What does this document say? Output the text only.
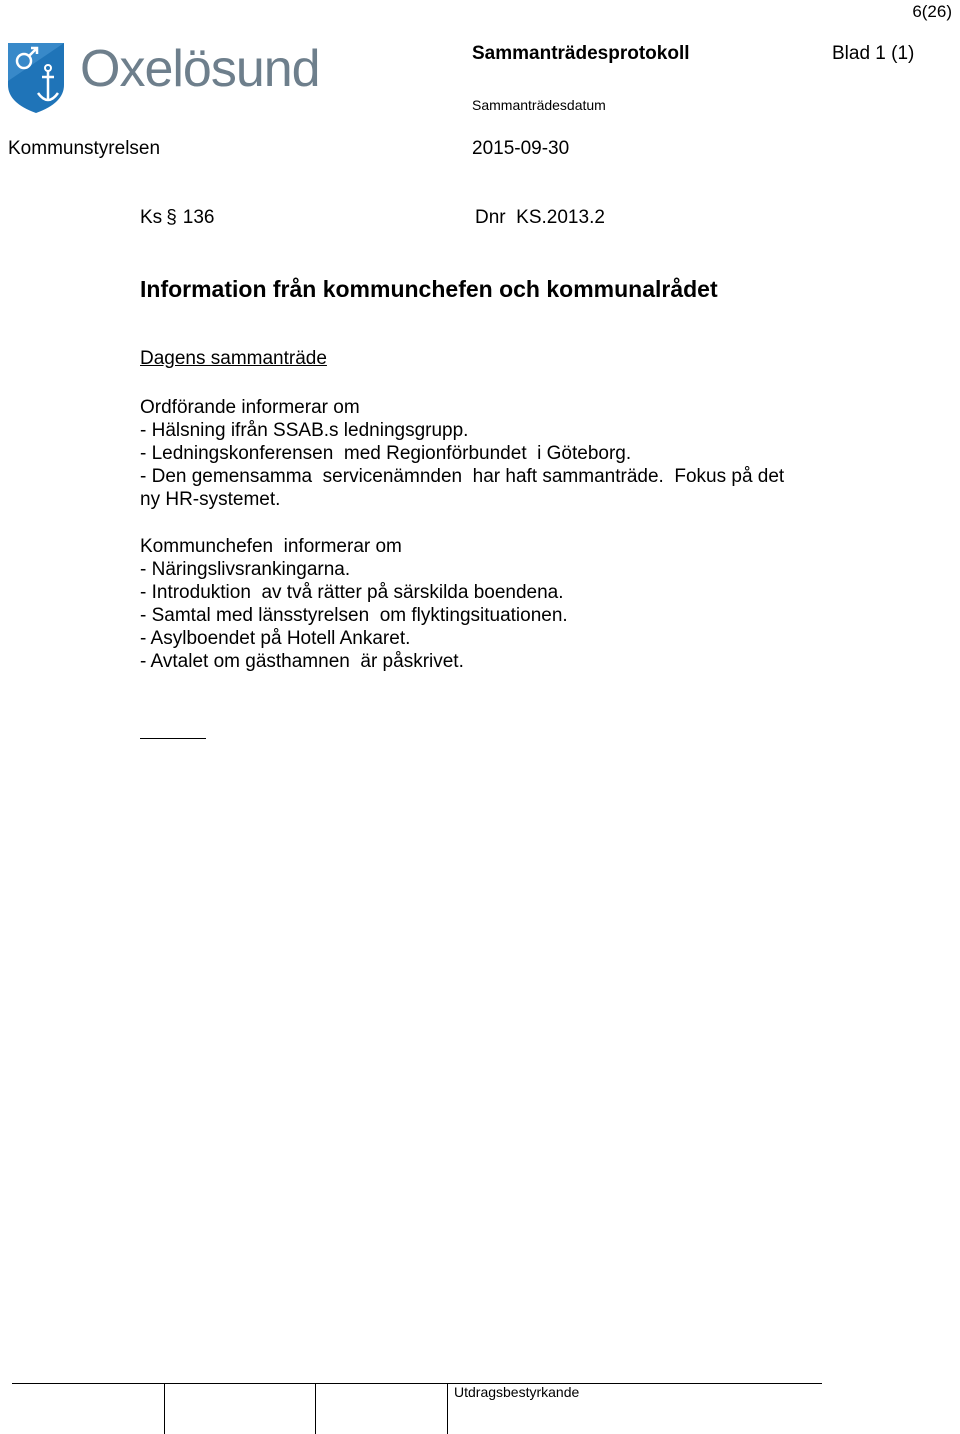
6(26)
Oxelösund	Sammanträdesprotokoll	Blad 1 (1)
Sammanträdesdatum
Kommunstyrelsen	2015-09-30
Ks § 136	Dnr  KS.2013.2
Information från kommunchefen och kommunalrådet
Dagens sammanträde
Ordförande informerar om
- Hälsning ifrån SSAB.s ledningsgrupp.
- Ledningskonferensen  med Regionförbundet  i Göteborg.
- Den gemensamma  servicenämnden  har haft sammanträde.  Fokus på det
ny HR-systemet.
Kommunchefen  informerar om
- Näringslivsrankingarna.
- Introduktion  av två rätter på särskilda boendena.
- Samtal med länsstyrelsen  om flyktingsituationen.
- Asylboendet på Hotell Ankaret.
- Avtalet om gästhamnen  är påskrivet.
Utdragsbestyrkande
